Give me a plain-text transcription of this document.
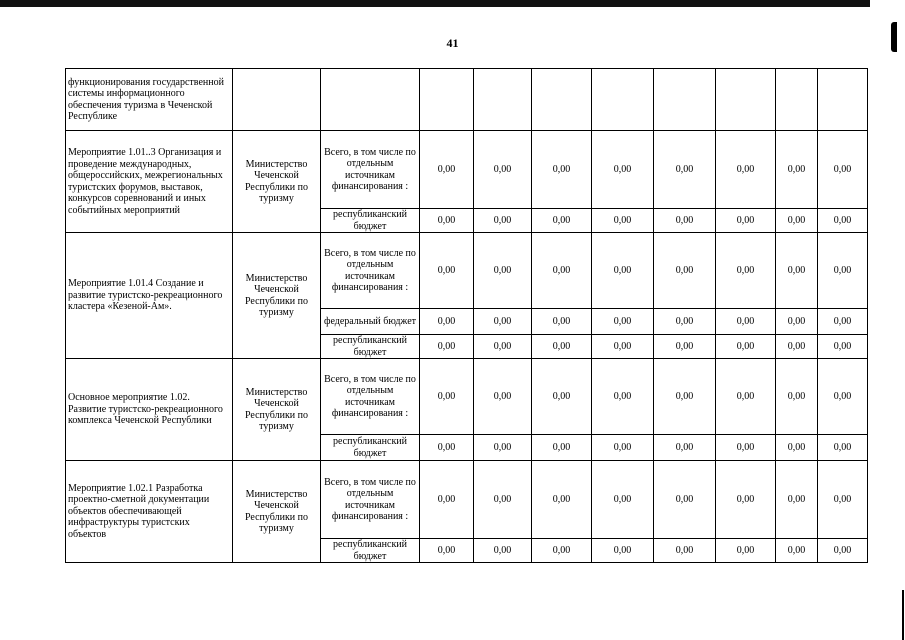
41
функционирования государственной системы информационного обеспечения туризма в Чеченской Республике										
Мероприятие 1.01..3 Организация и проведение международных, общероссийских, межрегиональных туристских форумов, выставок, конкурсов соревнований и иных событийных мероприятий	Министерство Чеченской Республики по туризму	Всего, в том числе по отдельным источникам финансирования :	0,00	0,00	0,00	0,00	0,00	0,00	0,00	0,00
		республиканский бюджет	0,00	0,00	0,00	0,00	0,00	0,00	0,00	0,00
Мероприятие 1.01.4 Создание и развитие туристско-рекреационного кластера «Кезеной-Ам».	Министерство Чеченской Республики по туризму	Всего, в том числе по отдельным источникам финансирования :	0,00	0,00	0,00	0,00	0,00	0,00	0,00	0,00
		федеральный бюджет	0,00	0,00	0,00	0,00	0,00	0,00	0,00	0,00
		республиканский бюджет	0,00	0,00	0,00	0,00	0,00	0,00	0,00	0,00
Основное мероприятие 1.02. Развитие туристско-рекреационного комплекса Чеченской Республики	Министерство Чеченской Республики по туризму	Всего, в том числе по отдельным источникам финансирования :	0,00	0,00	0,00	0,00	0,00	0,00	0,00	0,00
		республиканский бюджет	0,00	0,00	0,00	0,00	0,00	0,00	0,00	0,00
Мероприятие 1.02.1 Разработка проектно-сметной документации объектов обеспечивающей инфраструктуры туристских объектов	Министерство Чеченской Республики по туризму	Всего, в том числе по отдельным источникам финансирования :	0,00	0,00	0,00	0,00	0,00	0,00	0,00	0,00
		республиканский бюджет	0,00	0,00	0,00	0,00	0,00	0,00	0,00	0,00
